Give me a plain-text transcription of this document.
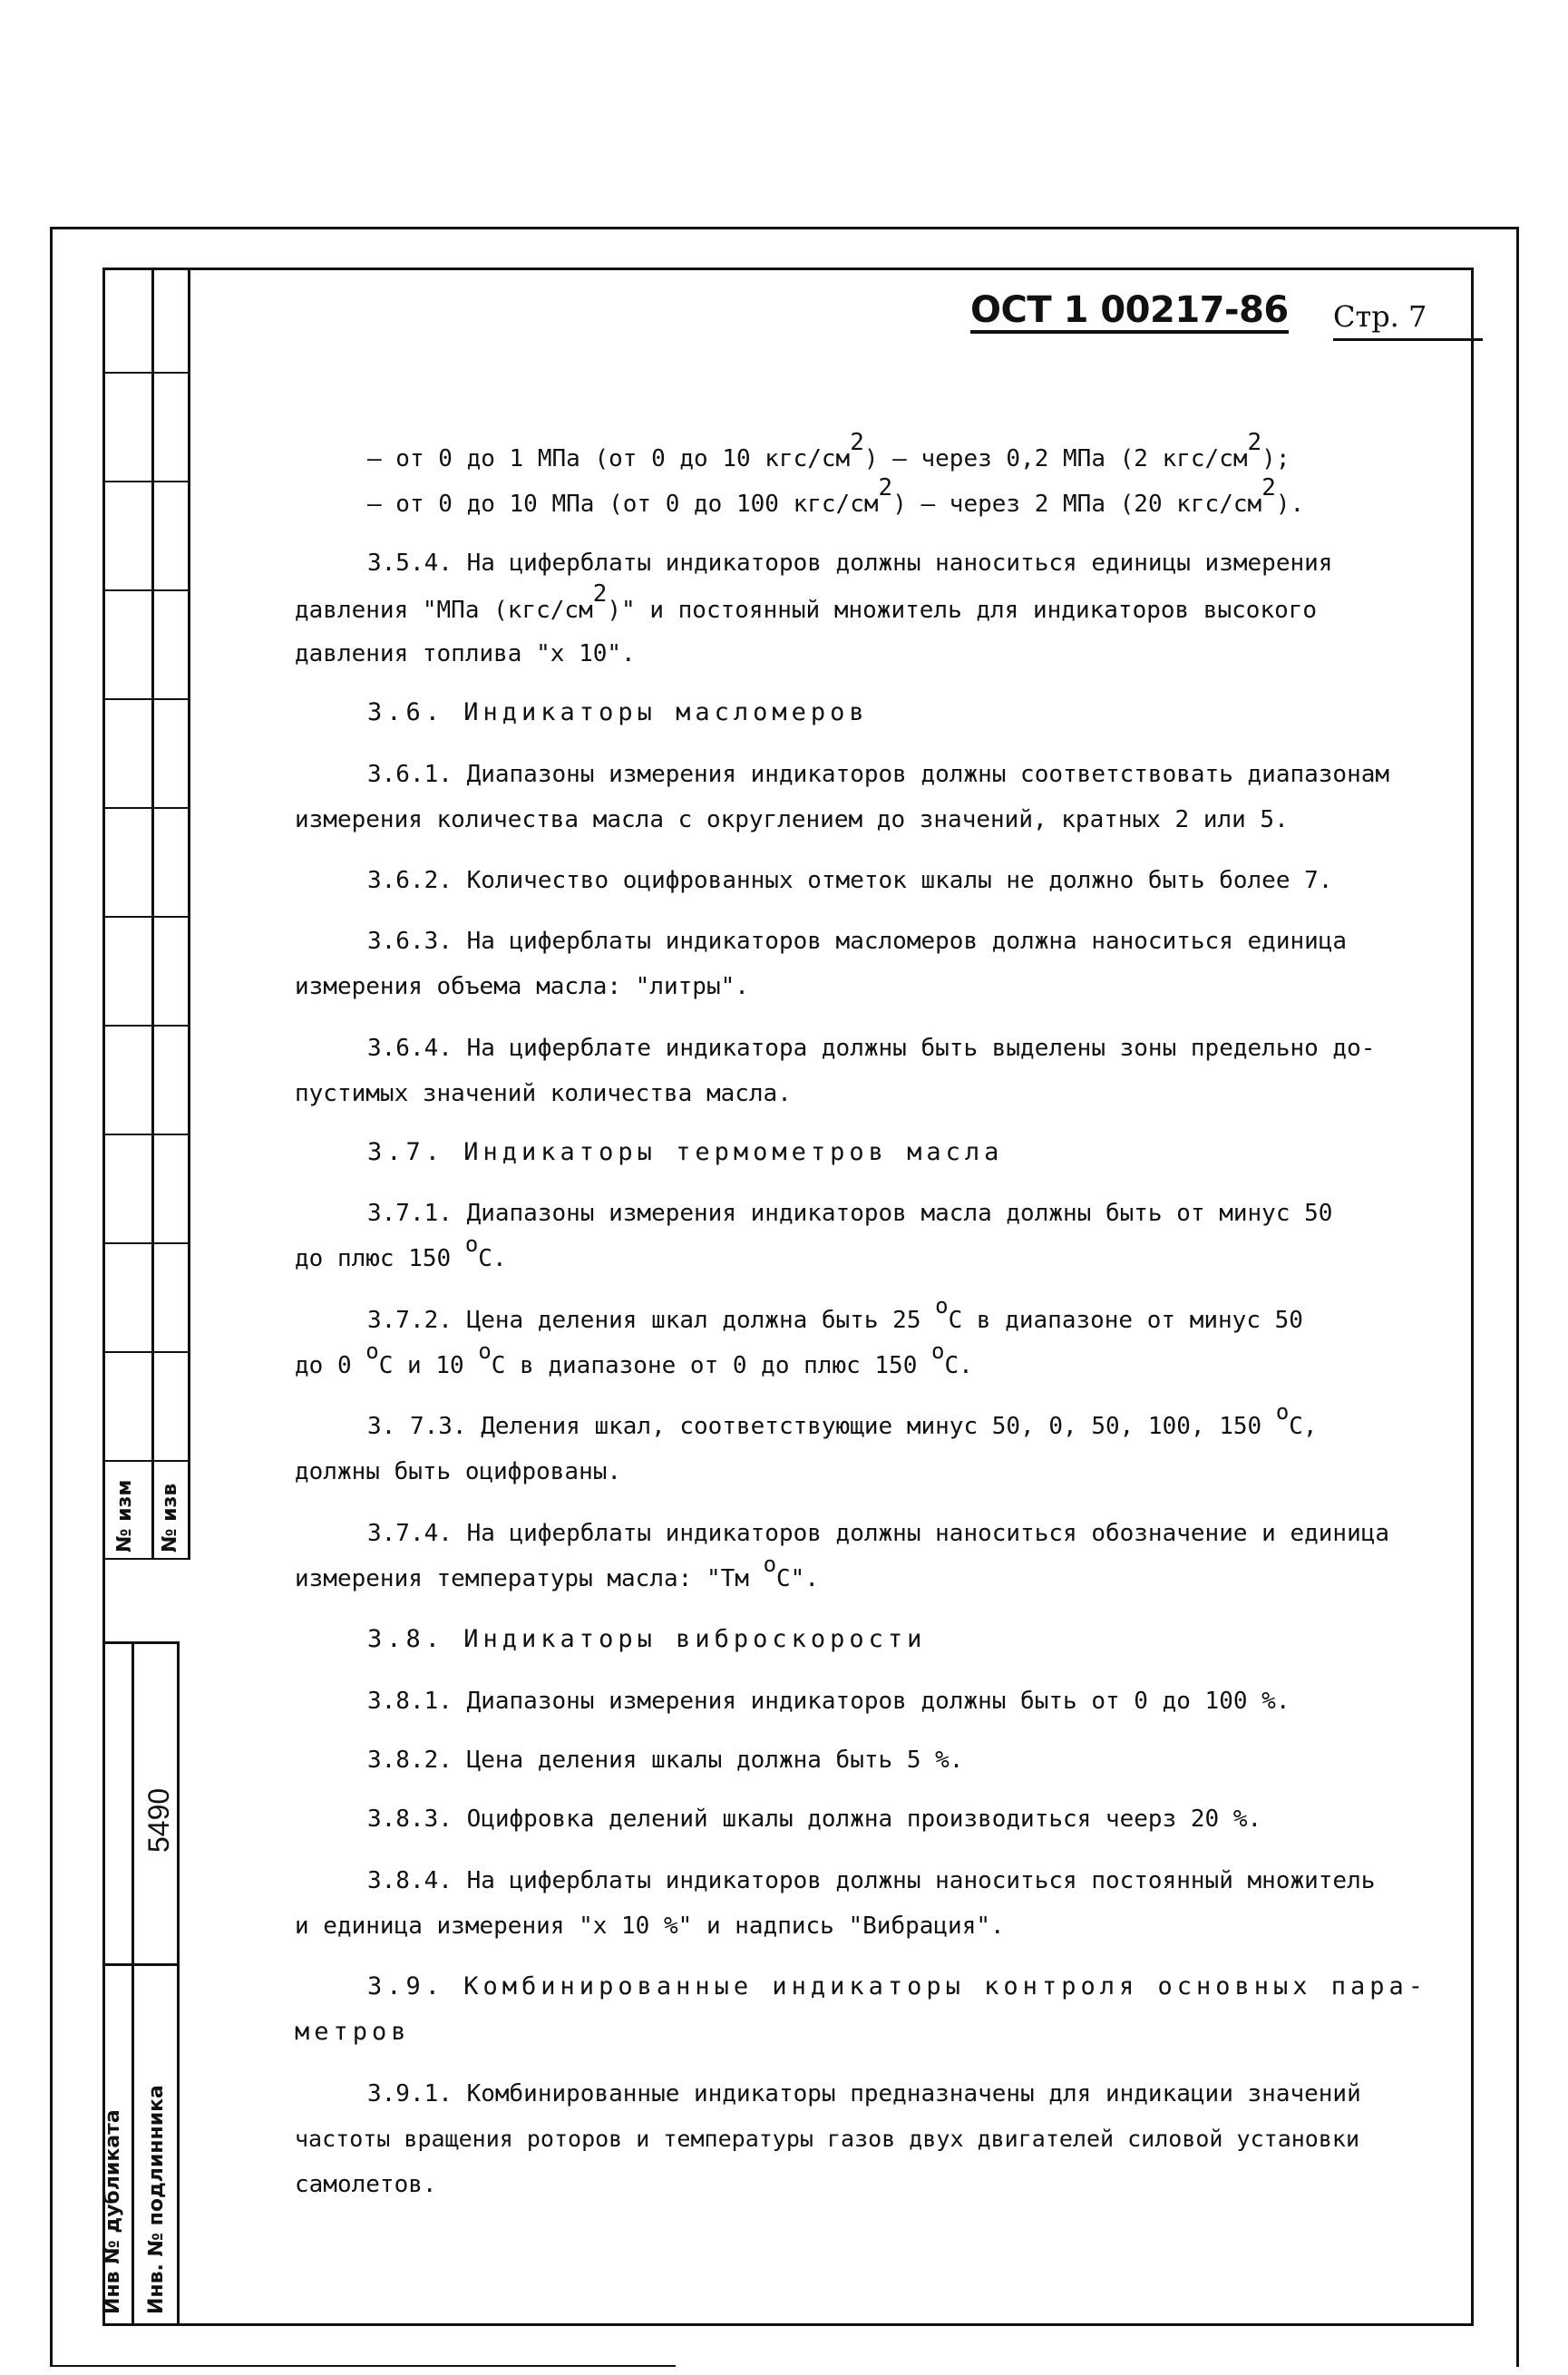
№ изм № изв
5490
Инв № дубликата Инв. № подлинника
ОСТ 1 00217-86 Стр. 7
– от 0 до 1 МПа (от 0 до 10 кгс/$см^2$) – через 0,2 МПа (2 кгс/$см^2$);
– от 0 до 10 МПа (от 0 до 100 кгс/$см^2$) – через 2 МПа (20 кгс/$см^2$).
3.5.4. На циферблаты индикаторов должны наноситься единицы измерения
давления "МПа $(кгс/см^2)$" и постоянный множитель для индикаторов высокого
давления топлива "х 10".
3.6. Индикаторы масломеров
3.6.1. Диапазоны измерения индикаторов должны соответствовать диапазонам
измерения количества масла с округлением до значений, кратных 2 или 5.
3.6.2. Количество оцифрованных отметок шкалы не должно быть более 7.
3.6.3. На циферблаты индикаторов масломеров должна наноситься единица
измерения объема масла: "литры".
3.6.4. На циферблате индикатора должны быть выделены зоны предельно до-
пустимых значений количества масла.
3.7. Индикаторы термометров масла
3.7.1. Диапазоны измерения индикаторов масла должны быть от минус 50
до плюс 150 оС.
3.7.2. Цена деления шкал должна быть 25 оС в диапазоне от минус 50
до 0 оС и 10 оС в диапазоне от 0 до плюс 150 оС.
3. 7.3. Деления шкал, соответствующие минус 50, 0, 50, 100, 150 оС,
должны быть оцифрованы.
3.7.4. На циферблаты индикаторов должны наноситься обозначение и единица
измерения температуры масла: "Тм оС".
3.8. Индикаторы виброскорости
3.8.1. Диапазоны измерения индикаторов должны быть от 0 до 100 %.
3.8.2. Цена деления шкалы должна быть 5 %.
3.8.3. Оцифровка делений шкалы должна производиться чеерз 20 %.
3.8.4. На циферблаты индикаторов должны наноситься постоянный множитель
и единица измерения "х 10 %" и надпись "Вибрация".
3.9. Комбинированные индикаторы контроля основных пара-
метров
3.9.1. Комбинированные индикаторы предназначены для индикации значений
частоты вращения роторов и температуры газов двух двигателей силовой установки
самолетов.
